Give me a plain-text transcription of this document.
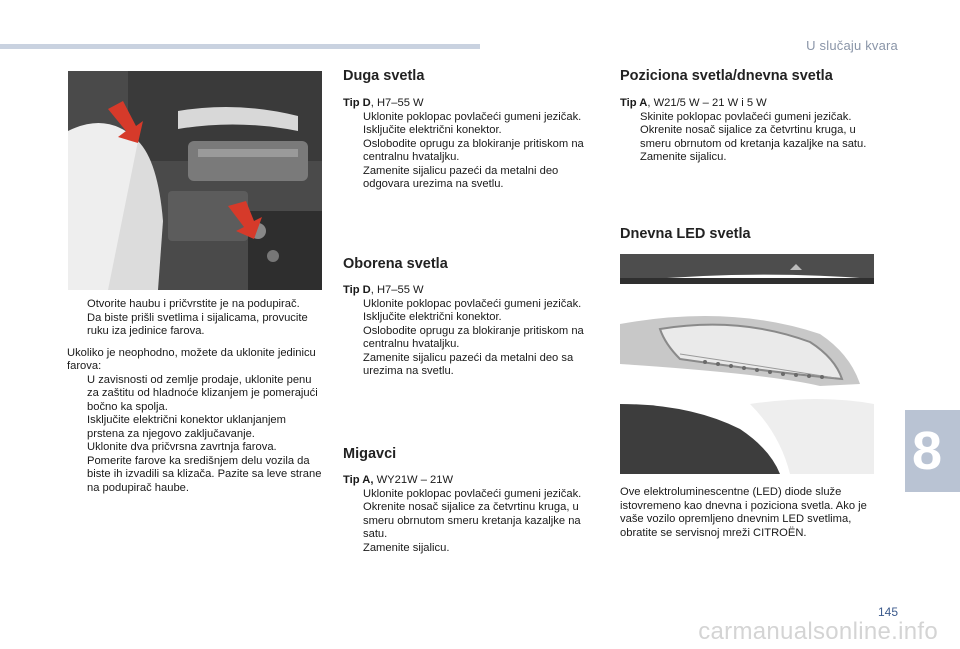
U slučaju kvara
8
Otvorite haubu i pričvrstite je na podupirač.
Da biste prišli svetlima i sijalicama, provucite ruku iza jedinice farova.

Ukoliko je neophodno, možete da uklonite jedinicu farova:

U zavisnosti od zemlje prodaje, uklonite penu za zaštitu od hladnoće klizanjem je pomerajući bočno ka spolja.
Isključite električni konektor uklanjanjem prstena za njegovo zaključavanje.
Uklonite dva pričvrsna zavrtnja farova.
Pomerite farove ka središnjem delu vozila da biste ih izvadili sa klizača. Pazite sa leve strane na podupirač haube.
Duga svetla

Tip D, H7–55 W

Uklonite poklopac povlačeći gumeni jezičak.
Isključite električni konektor.
Oslobodite oprugu za blokiranje pritiskom na centralnu hvataljku.
Zamenite sijalicu pazeći da metalni deo odgovara urezima na svetlu.
Oborena svetla

Tip D, H7–55 W

Uklonite poklopac povlačeći gumeni jezičak.
Isključite električni konektor.
Oslobodite oprugu za blokiranje pritiskom na centralnu hvataljku.
Zamenite sijalicu pazeći da metalni deo sa urezima na svetlu.
Migavci

Tip A, WY21W – 21W

Uklonite poklopac povlačeći gumeni jezičak.
Okrenite nosač sijalice za četvrtinu kruga, u smeru obrnutom smeru kretanja kazaljke na satu.
Zamenite sijalicu.
Poziciona svetla/dnevna svetla

Tip A, W21/5 W – 21 W i 5 W

Skinite poklopac povlačeći gumeni jezičak.
Okrenite nosač sijalice za četvrtinu kruga, u smeru obrnutom od kretanja kazaljke na satu.
Zamenite sijalicu.
Dnevna LED svetla

Ove elektroluminescentne (LED) diode služe istovremeno kao dnevna i poziciona svetla. Ako je vaše vozilo opremljeno dnevnim LED svetlima, obratite se servisnoj mreži CITROËN.

145
carmanualsonline.info
